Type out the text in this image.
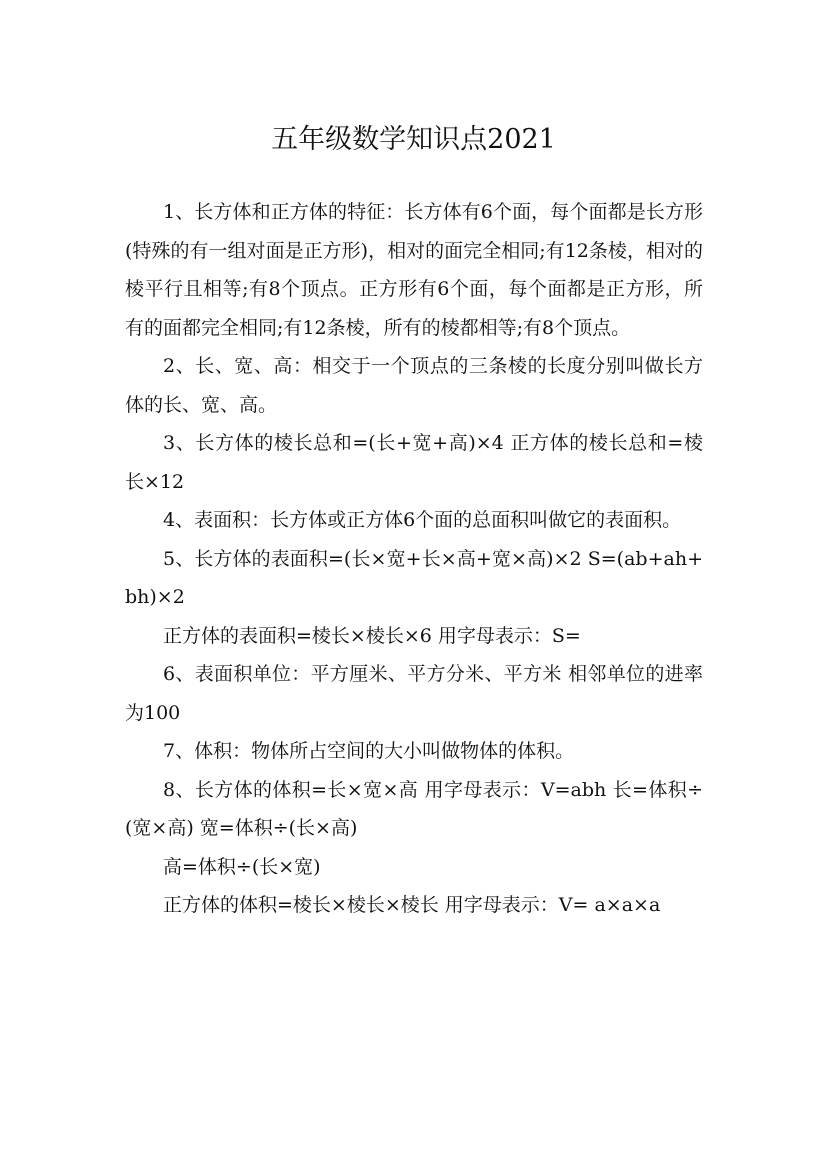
五年级数学知识点2021

1、长方体和正方体的特征：长方体有6个面，每个面都是长方形(特殊的有一组对面是正方形)，相对的面完全相同;有12条棱，相对的棱平行且相等;有8个顶点。正方形有6个面，每个面都是正方形，所有的面都完全相同;有12条棱，所有的棱都相等;有8个顶点。

2、长、宽、高：相交于一个顶点的三条棱的长度分别叫做长方体的长、宽、高。

3、长方体的棱长总和=(长+宽+高)×4 正方体的棱长总和=棱长×12

4、表面积：长方体或正方体6个面的总面积叫做它的表面积。

5、长方体的表面积=(长×宽+长×高+宽×高)×2 S=(ab+ah+bh)×2

正方体的表面积=棱长×棱长×6 用字母表示：S=

6、表面积单位：平方厘米、平方分米、平方米 相邻单位的进率为100

7、体积：物体所占空间的大小叫做物体的体积。

8、长方体的体积=长×宽×高 用字母表示：V=abh 长=体积÷(宽×高) 宽=体积÷(长×高)

高=体积÷(长×宽)

正方体的体积=棱长×棱长×棱长 用字母表示：V= a×a×a
